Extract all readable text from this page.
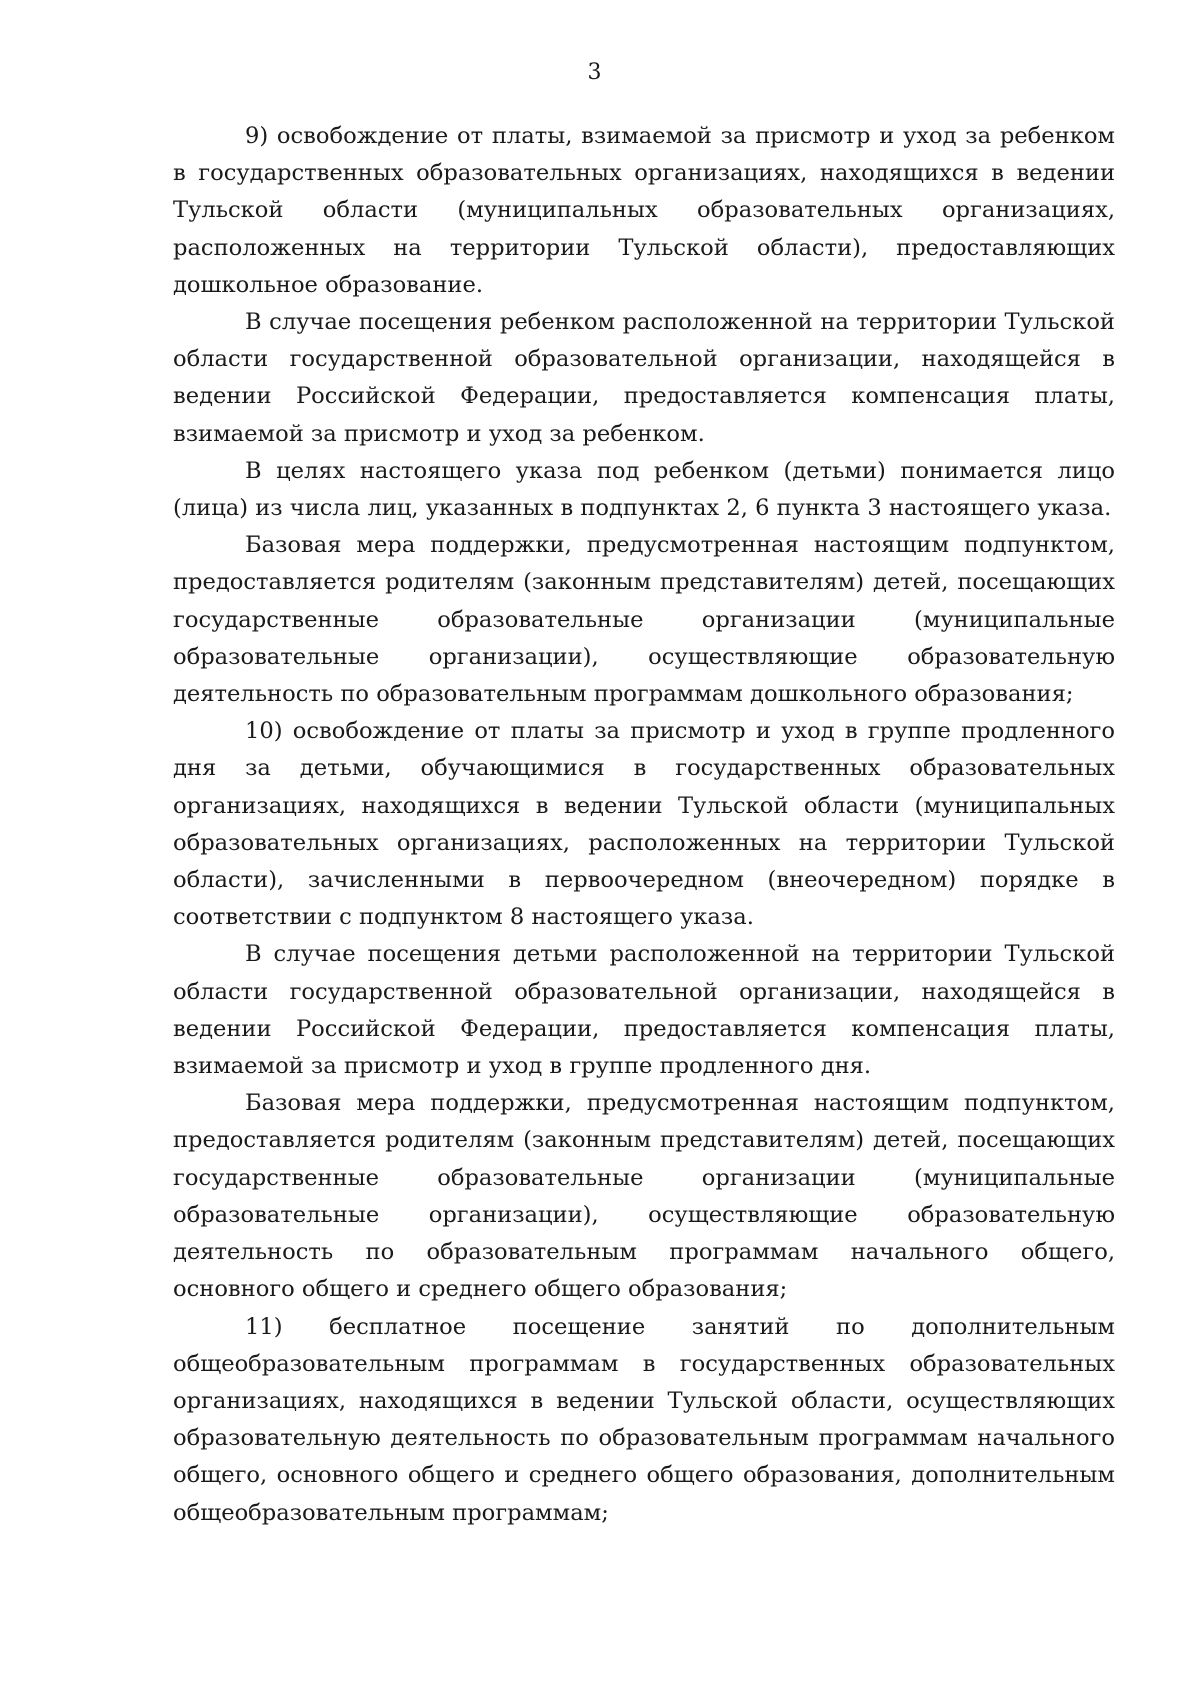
3

9) освобождение от платы, взимаемой за присмотр и уход за ребенком в государственных образовательных организациях, находящихся в ведении Тульской области (муниципальных образовательных организациях, расположенных на территории Тульской области), предоставляющих дошкольное образование.

В случае посещения ребенком расположенной на территории Тульской области государственной образовательной организации, находящейся в ведении Российской Федерации, предоставляется компенсация платы, взимаемой за присмотр и уход за ребенком.

В целях настоящего указа под ребенком (детьми) понимается лицо (лица) из числа лиц, указанных в подпунктах 2, 6 пункта 3 настоящего указа.

Базовая мера поддержки, предусмотренная настоящим подпунктом, предоставляется родителям (законным представителям) детей, посещающих государственные образовательные организации (муниципальные образовательные организации), осуществляющие образовательную деятельность по образовательным программам дошкольного образования;

10) освобождение от платы за присмотр и уход в группе продленного дня за детьми, обучающимися в государственных образовательных организациях, находящихся в ведении Тульской области (муниципальных образовательных организациях, расположенных на территории Тульской области), зачисленными в первоочередном (внеочередном) порядке в соответствии с подпунктом 8 настоящего указа.

В случае посещения детьми расположенной на территории Тульской области государственной образовательной организации, находящейся в ведении Российской Федерации, предоставляется компенсация платы, взимаемой за присмотр и уход в группе продленного дня.

Базовая мера поддержки, предусмотренная настоящим подпунктом, предоставляется родителям (законным представителям) детей, посещающих государственные образовательные организации (муниципальные образовательные организации), осуществляющие образовательную деятельность по образовательным программам начального общего, основного общего и среднего общего образования;

11) бесплатное посещение занятий по дополнительным общеобразовательным программам в государственных образовательных организациях, находящихся в ведении Тульской области, осуществляющих образовательную деятельность по образовательным программам начального общего, основного общего и среднего общего образования, дополнительным общеобразовательным программам;
